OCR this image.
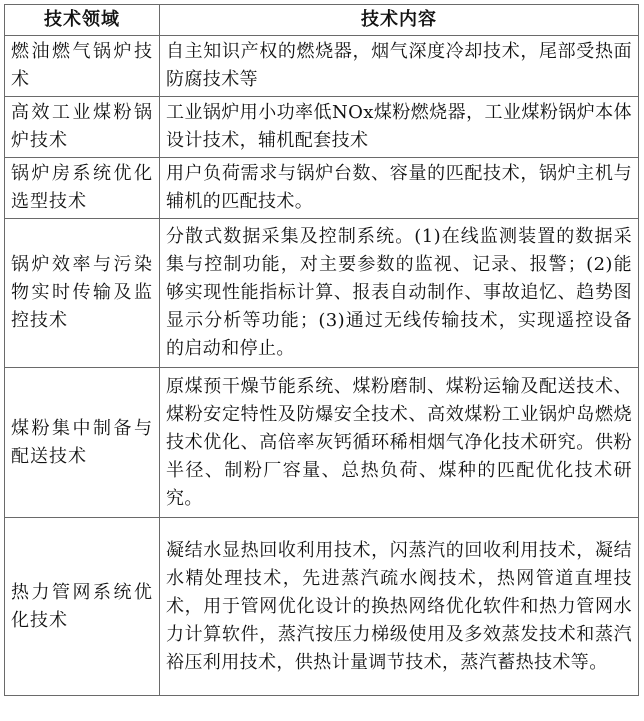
技术领域	技术内容
燃油燃气锅炉技术	自主知识产权的燃烧器，烟气深度冷却技术，尾部受热面防腐技术等
高效工业煤粉锅炉技术	工业锅炉用小功率低NOx煤粉燃烧器，工业煤粉锅炉本体设计技术，辅机配套技术
锅炉房系统优化选型技术	用户负荷需求与锅炉台数、容量的匹配技术，锅炉主机与辅机的匹配技术。
锅炉效率与污染物实时传输及监控技术	分散式数据采集及控制系统。(1)在线监测装置的数据采集与控制功能，对主要参数的监视、记录、报警；(2)能够实现性能指标计算、报表自动制作、事故追忆、趋势图显示分析等功能；(3)通过无线传输技术，实现遥控设备的启动和停止。
煤粉集中制备与配送技术	原煤预干燥节能系统、煤粉磨制、煤粉运输及配送技术、煤粉安定特性及防爆安全技术、高效煤粉工业锅炉岛燃烧技术优化、高倍率灰钙循环稀相烟气净化技术研究。供粉半径、制粉厂容量、总热负荷、煤种的匹配优化技术研究。
热力管网系统优化技术	凝结水显热回收利用技术，闪蒸汽的回收利用技术，凝结水精处理技术，先进蒸汽疏水阀技术，热网管道直埋技术，用于管网优化设计的换热网络优化软件和热力管网水力计算软件，蒸汽按压力梯级使用及多效蒸发技术和蒸汽裕压利用技术，供热计量调节技术，蒸汽蓄热技术等。
